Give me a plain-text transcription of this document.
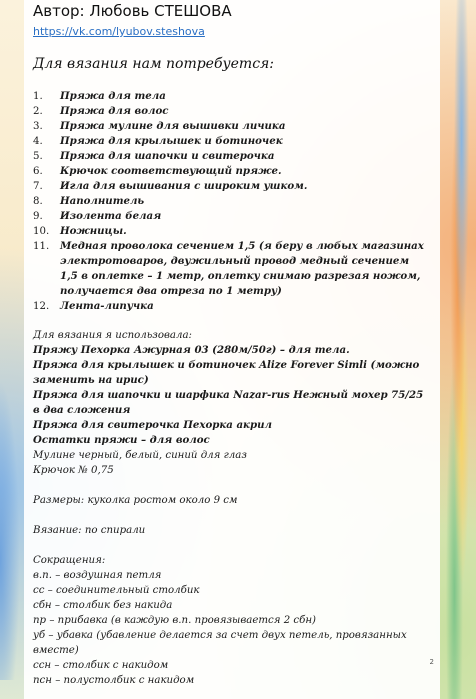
Автор: Любовь СТЕШОВА
https://vk.com/lyubov.steshova
Для вязания нам потребуется:
1.	Пряжа для тела
2.	Пряжа для волос
3.	Пряжа мулине для вышивки личика
4.	Пряжа для крылышек и ботиночек
5.	Пряжа для шапочки и свитерочка
6.	Крючок соответствующий пряже.
7.	Игла для вышивания с широким ушком.
8.	Наполнитель
9.	Изолента белая
10.	Ножницы.
11.	Медная проволока сечением 1,5 (я беру в любых магазинах электротоваров, двужильный провод медный сечением 1,5 в оплетке – 1 метр, оплетку снимаю разрезая ножом, получается два отреза по 1 метру)
12.	Лента-липучка
Для вязания я использовала:
Пряжу Пехорка Ажурная 03 (280м/50г) – для тела.
Пряжа для крылышек и ботиночек Alize Forever Simli (можно заменить на ирис)
Пряжа для шапочки и шарфика Nazar-rus Нежный мохер 75/25 в два сложения
Пряжа для свитерочка Пехорка акрил
Остатки пряжи – для волос
Мулине черный, белый, синий для глаз
Крючок № 0,75
Размеры: куколка ростом около 9 см
Вязание: по спирали
Сокращения:
в.п. – воздушная петля
сс – соединительный столбик
сбн – столбик без накида
пр – прибавка (в каждую в.п. провязывается 2 сбн)
уб – убавка (убавление делается за счет двух петель, провязанных вместе)
ссн – столбик с накидом
псн – полустолбик с накидом
2
